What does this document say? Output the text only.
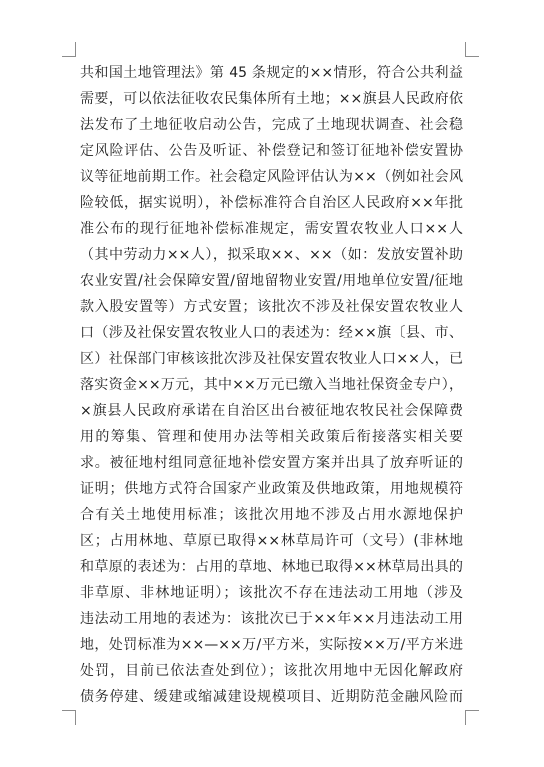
共和国土地管理法》第 45 条规定的××情形，符合公共利益
需要，可以依法征收农民集体所有土地；××旗县人民政府依
法发布了土地征收启动公告，完成了土地现状调查、社会稳
定风险评估、公告及听证、补偿登记和签订征地补偿安置协
议等征地前期工作。社会稳定风险评估认为××（例如社会风
险较低，据实说明），补偿标准符合自治区人民政府××年批
准公布的现行征地补偿标准规定，需安置农牧业人口××人
（其中劳动力××人），拟采取××、××（如：发放安置补助
农业安置/社会保障安置/留地留物业安置/用地单位安置/征地
款入股安置等）方式安置；该批次不涉及社保安置农牧业人
口（涉及社保安置农牧业人口的表述为：经××旗〔县、市、
区）社保部门审核该批次涉及社保安置农牧业人口××人，已
落实资金××万元，其中××万元已缴入当地社保资金专户），
×旗县人民政府承诺在自治区出台被征地农牧民社会保障费
用的筹集、管理和使用办法等相关政策后衔接落实相关要
求。被征地村组同意征地补偿安置方案并出具了放弃听证的
证明；供地方式符合国家产业政策及供地政策，用地规模符
合有关土地使用标准；该批次用地不涉及占用水源地保护
区；占用林地、草原已取得××林草局许可（文号）(非林地
和草原的表述为：占用的草地、林地已取得××林草局出具的
非草原、非林地证明）；该批次不存在违法动工用地（涉及
违法动工用地的表述为：该批次已于××年××月违法动工用
地，处罚标准为××—××万/平方米，实际按××万/平方米进
处罚，目前已依法查处到位）；该批次用地中无因化解政府
债务停建、缓建或缩减建设规模项目、近期防范金融风险而
